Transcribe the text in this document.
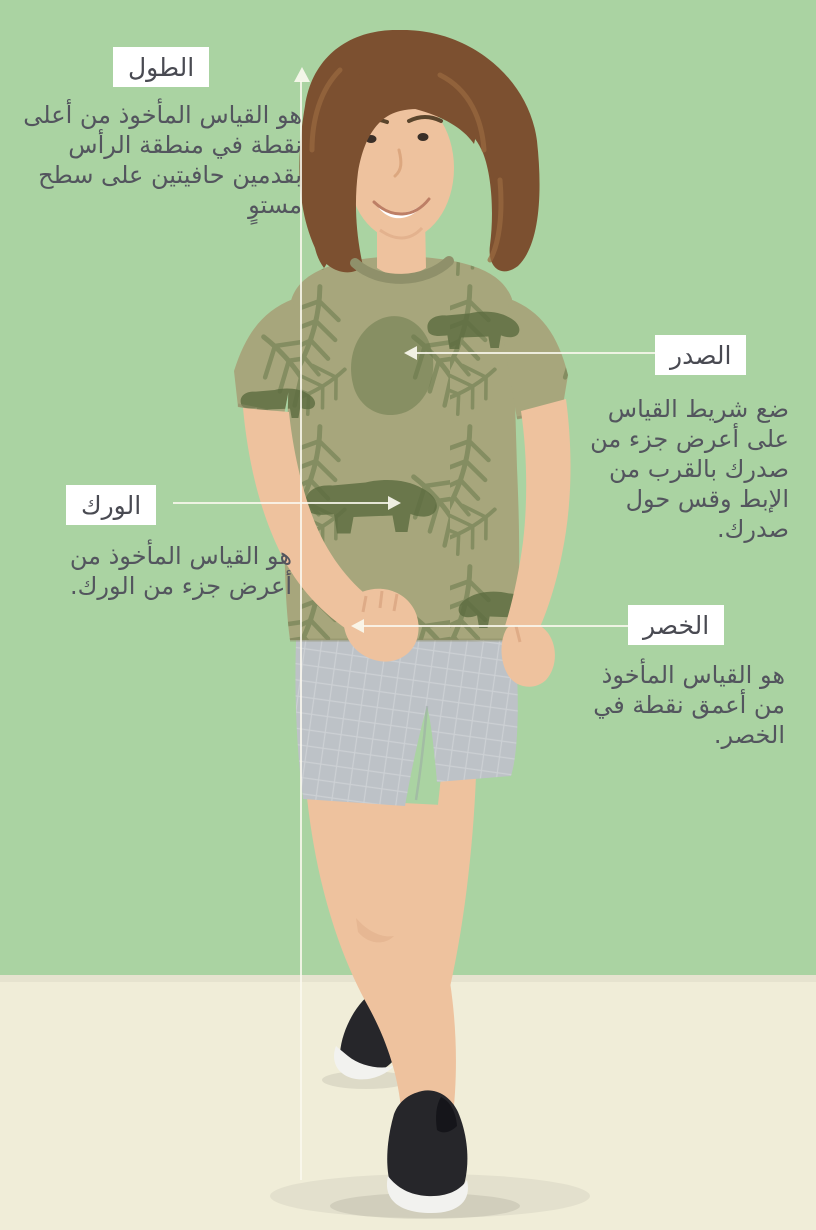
الطول
هو القياس المأخوذ من أعلى نقطة في منطقة الرأس بقدمين حافيتين على سطح مستوٍ
الصدر
ضع شريط القياس على أعرض جزء من صدرك بالقرب من الإبط وقس حول صدرك.
الورك
هو القياس المأخوذ من أعرض جزء من الورك.
الخصر
هو القياس المأخوذ من أعمق نقطة في الخصر.
